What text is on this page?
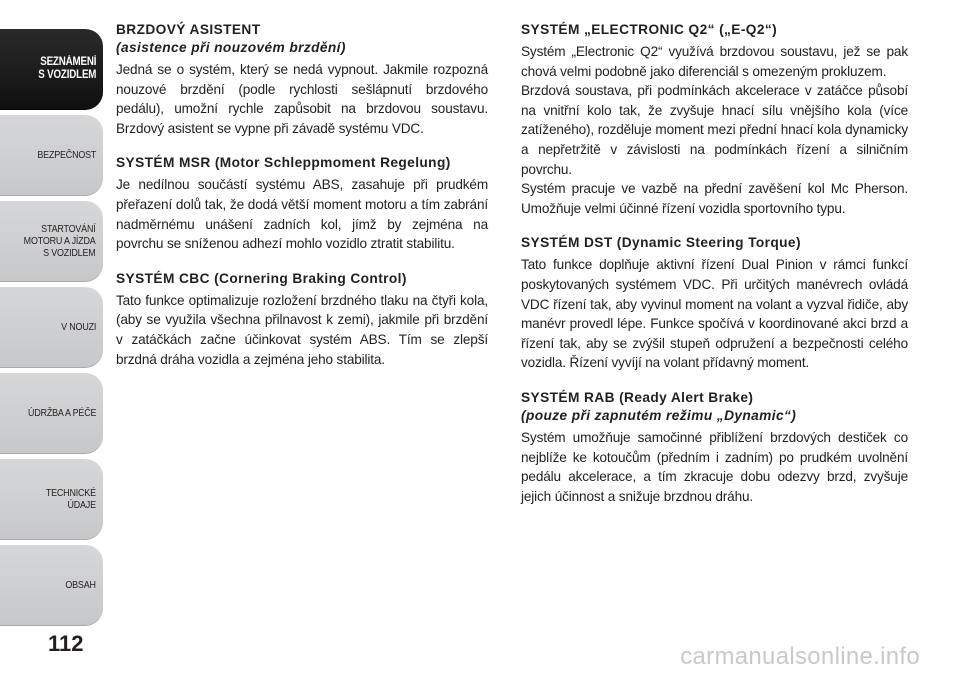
SEZNÁMENÍ
S VOZIDLEM
BEZPEČNOST
STARTOVÁNÍ
MOTORU A JÍZDA
S VOZIDLEM
V NOUZI
ÚDRŽBA A PÉČE
TECHNICKÉ
ÚDAJE
OBSAH
112
BRZDOVÝ ASISTENT
(asistence při nouzovém brzdění)

Jedná se o systém, který se nedá vypnout. Jakmile rozpozná nouzové brzdění (podle rychlosti sešlápnutí brzdového pedálu), umožní rychle zapůsobit na brzdovou soustavu. Brzdový asistent se vypne při závadě systému VDC.

SYSTÉM MSR (Motor Schleppmoment Regelung)

Je nedílnou součástí systému ABS, zasahuje při prudkém přeřazení dolů tak, že dodá větší moment motoru a tím zabrání nadměrnému unášení zadních kol, jímž by zejména na povrchu se sníženou adhezí mohlo vozidlo ztratit stabilitu.

SYSTÉM CBC (Cornering Braking Control)

Tato funkce optimalizuje rozložení brzdného tlaku na čtyři kola, (aby se využila všechna přilnavost k zemi), jakmile při brzdění v zatáčkách začne účinkovat systém ABS. Tím se zlepší brzdná dráha vozidla a zejména jeho stabilita.

SYSTÉM „ELECTRONIC Q2“ („E-Q2“)

Systém „Electronic Q2“ využívá brzdovou soustavu, jež se pak chová velmi podobně jako diferenciál s omezeným prokluzem.

Brzdová soustava, při podmínkách akcelerace v zatáčce působí na vnitřní kolo tak, že zvyšuje hnací sílu vnějšího kola (více zatíženého), rozděluje moment mezi přední hnací kola dynamicky a nepřetržitě v závislosti na podmínkách řízení a silničním povrchu.

Systém pracuje ve vazbě na přední zavěšení kol Mc Pherson. Umožňuje velmi účinné řízení vozidla sportovního typu.

SYSTÉM DST (Dynamic Steering Torque)

Tato funkce doplňuje aktivní řízení Dual Pinion v rámci funkcí poskytovaných systémem VDC. Při určitých manévrech ovládá VDC řízení tak, aby vyvinul moment na volant a vyzval řidiče, aby manévr provedl lépe. Funkce spočívá v koordinované akci brzd a řízení tak, aby se zvýšil stupeň odpružení a bezpečnosti celého vozidla. Řízení vyvíjí na volant přídavný moment.

SYSTÉM RAB (Ready Alert Brake)
(pouze při zapnutém režimu „Dynamic“)

Systém umožňuje samočinné přiblížení brzdových destiček co nejblíže ke kotoučům (předním i zadním) po prudkém uvolnění pedálu akcelerace, a tím zkracuje dobu odezvy brzd, zvyšuje jejich účinnost a snižuje brzdnou dráhu.

carmanualsonline.info
